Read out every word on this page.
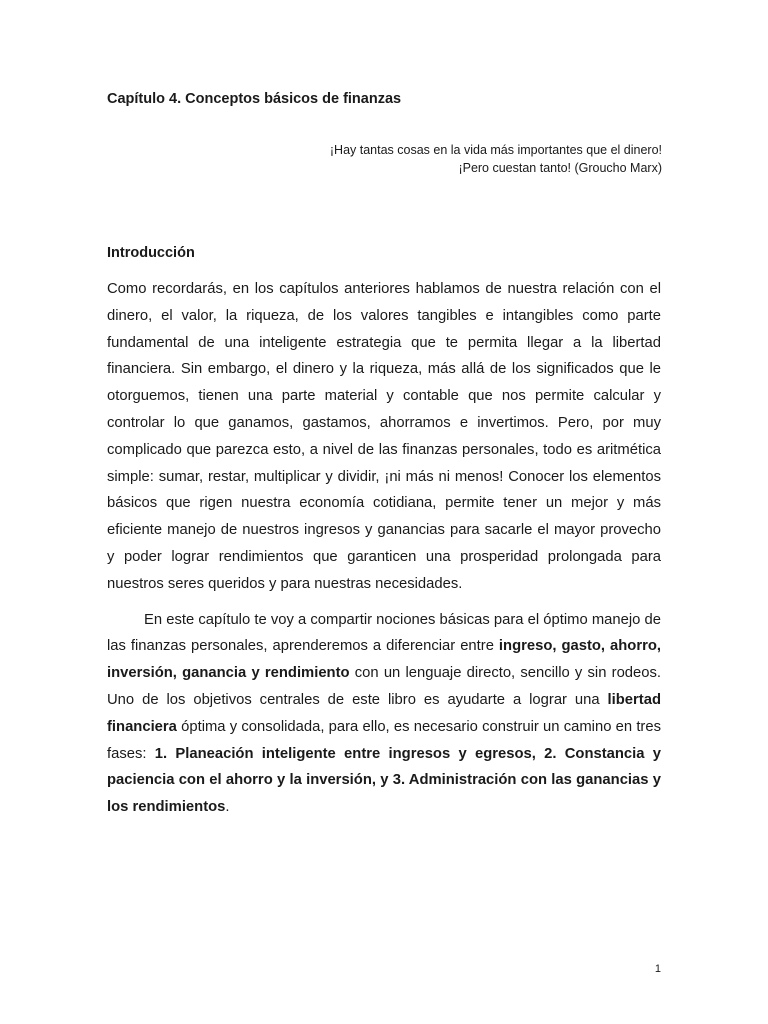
Capítulo 4. Conceptos básicos de finanzas
¡Hay tantas cosas en la vida más importantes que el dinero!
¡Pero cuestan tanto! (Groucho Marx)
Introducción

Como recordarás, en los capítulos anteriores hablamos de nuestra relación con el dinero, el valor, la riqueza, de los valores tangibles e intangibles como parte fundamental de una inteligente estrategia que te permita llegar a la libertad financiera. Sin embargo, el dinero y la riqueza, más allá de los significados que le otorguemos, tienen una parte material y contable que nos permite calcular y controlar lo que ganamos, gastamos, ahorramos e invertimos. Pero, por muy complicado que parezca esto, a nivel de las finanzas personales, todo es aritmética simple: sumar, restar, multiplicar y dividir, ¡ni más ni menos! Conocer los elementos básicos que rigen nuestra economía cotidiana, permite tener un mejor y más eficiente manejo de nuestros ingresos y ganancias para sacarle el mayor provecho y poder lograr rendimientos que garanticen una prosperidad prolongada para nuestros seres queridos y para nuestras necesidades.

En este capítulo te voy a compartir nociones básicas para el óptimo manejo de las finanzas personales, aprenderemos a diferenciar entre ingreso, gasto, ahorro, inversión, ganancia y rendimiento con un lenguaje directo, sencillo y sin rodeos. Uno de los objetivos centrales de este libro es ayudarte a lograr una libertad financiera óptima y consolidada, para ello, es necesario construir un camino en tres fases: 1. Planeación inteligente entre ingresos y egresos, 2. Constancia y paciencia con el ahorro y la inversión, y 3. Administración con las ganancias y los rendimientos.

1
